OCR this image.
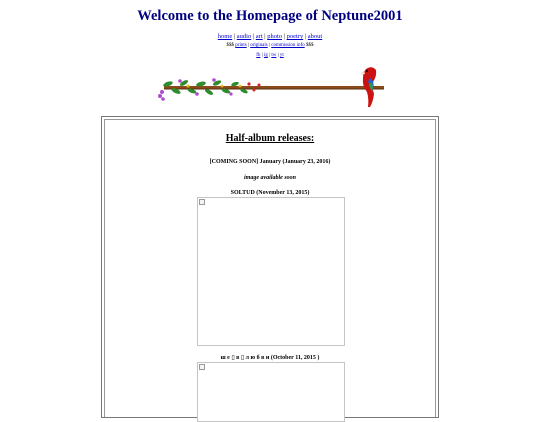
Welcome to the Homepage of Neptune2001
home | audio | art | photo | poetry | about
$$$ prints | originals | commission info $$$
fb | ig | tw | yt
Half-album releases:
[COMING SOON] January (January 23, 2016)
image available soon
SOLTUD (November 13, 2015)
ш е ▯ в ▯ л ю б в и (October 11, 2015 )
